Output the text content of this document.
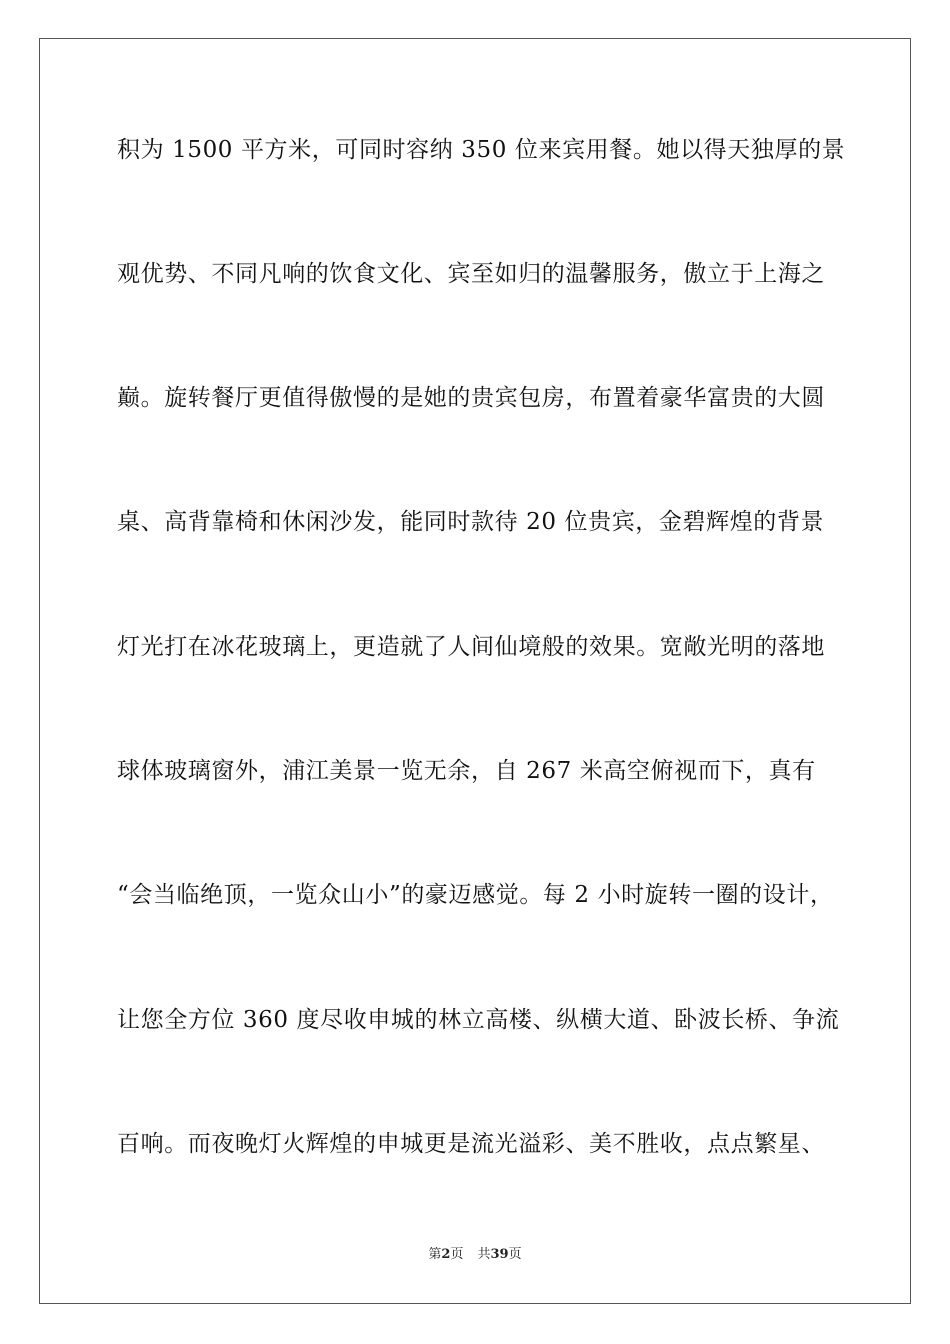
积为 1500 平方米，可同时容纳 350 位来宾用餐。她以得天独厚的景
观优势、不同凡响的饮食文化、宾至如归的温馨服务，傲立于上海之
巅。旋转餐厅更值得傲慢的是她的贵宾包房，布置着豪华富贵的大圆
桌、高背靠椅和休闲沙发，能同时款待 20 位贵宾，金碧辉煌的背景
灯光打在冰花玻璃上，更造就了人间仙境般的效果。宽敞光明的落地
球体玻璃窗外，浦江美景一览无余，自 267 米高空俯视而下，真有
“会当临绝顶，一览众山小”的豪迈感觉。每 2 小时旋转一圈的设计，
让您全方位 360 度尽收申城的林立高楼、纵横大道、卧波长桥、争流
百响。而夜晚灯火辉煌的申城更是流光溢彩、美不胜收，点点繁星、
第2页 共39页
